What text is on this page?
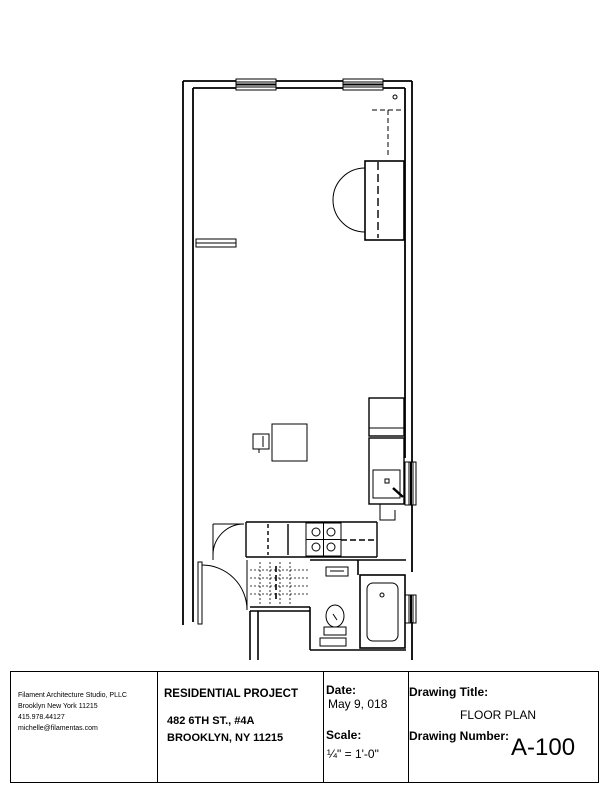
Filament Architecture Studio, PLLC
Brooklyn New York 11215
415.978.44127
michelle@filamentas.com
RESIDENTIAL PROJECT
482 6TH ST., #4A
BROOKLYN, NY 11215
Date:
May 9, 018
Scale:
¼" = 1'-0"
Drawing Title:
FLOOR PLAN
Drawing Number: A-100
